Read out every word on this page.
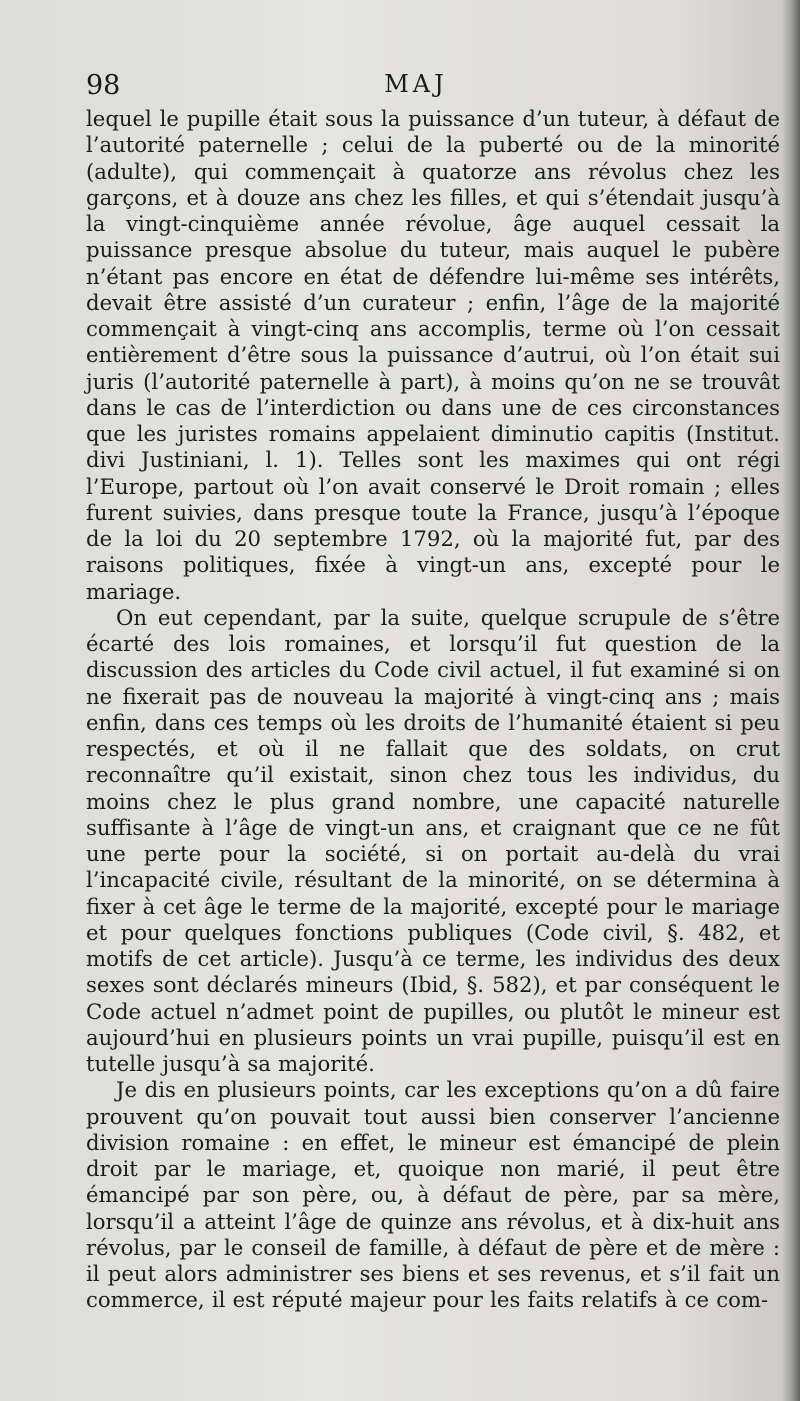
98	MAJ

lequel le pupille était sous la puissance d’un tuteur, à défaut de l’autorité paternelle ; celui de la puberté ou de la minorité (adulte), qui commençait à quatorze ans révolus chez les garçons, et à douze ans chez les filles, et qui s’étendait jusqu’à la vingt-cinquième année révolue, âge auquel cessait la puissance presque absolue du tuteur, mais auquel le pubère n’étant pas encore en état de défendre lui-même ses intérêts, devait être assisté d’un curateur ; enfin, l’âge de la majorité commençait à vingt-cinq ans accomplis, terme où l’on cessait entièrement d’être sous la puissance d’autrui, où l’on était sui juris (l’autorité paternelle à part), à moins qu’on ne se trouvât dans le cas de l’interdiction ou dans une de ces circonstances que les juristes romains appelaient diminutio capitis (Institut. divi Justiniani, l. 1). Telles sont les maximes qui ont régi l’Europe, partout où l’on avait conservé le Droit romain ; elles furent suivies, dans presque toute la France, jusqu’à l’époque de la loi du 20 septembre 1792, où la majorité fut, par des raisons politiques, fixée à vingt-un ans, excepté pour le mariage.

On eut cependant, par la suite, quelque scrupule de s’être écarté des lois romaines, et lorsqu’il fut question de la discussion des articles du Code civil actuel, il fut examiné si on ne fixerait pas de nouveau la majorité à vingt-cinq ans ; mais enfin, dans ces temps où les droits de l’humanité étaient si peu respectés, et où il ne fallait que des soldats, on crut reconnaître qu’il existait, sinon chez tous les individus, du moins chez le plus grand nombre, une capacité naturelle suffisante à l’âge de vingt-un ans, et craignant que ce ne fût une perte pour la société, si on portait au-delà du vrai l’incapacité civile, résultant de la minorité, on se détermina à fixer à cet âge le terme de la majorité, excepté pour le mariage et pour quelques fonctions publiques (Code civil, §. 482, et motifs de cet article). Jusqu’à ce terme, les individus des deux sexes sont déclarés mineurs (Ibid, §. 582), et par conséquent le Code actuel n’admet point de pupilles, ou plutôt le mineur est aujourd’hui en plusieurs points un vrai pupille, puisqu’il est en tutelle jusqu’à sa majorité.

Je dis en plusieurs points, car les exceptions qu’on a dû faire prouvent qu’on pouvait tout aussi bien conserver l’ancienne division romaine : en effet, le mineur est émancipé de plein droit par le mariage, et, quoique non marié, il peut être émancipé par son père, ou, à défaut de père, par sa mère, lorsqu’il a atteint l’âge de quinze ans révolus, et à dix-huit ans révolus, par le conseil de famille, à défaut de père et de mère : il peut alors administrer ses biens et ses revenus, et s’il fait un commerce, il est réputé majeur pour les faits relatifs à ce com-
